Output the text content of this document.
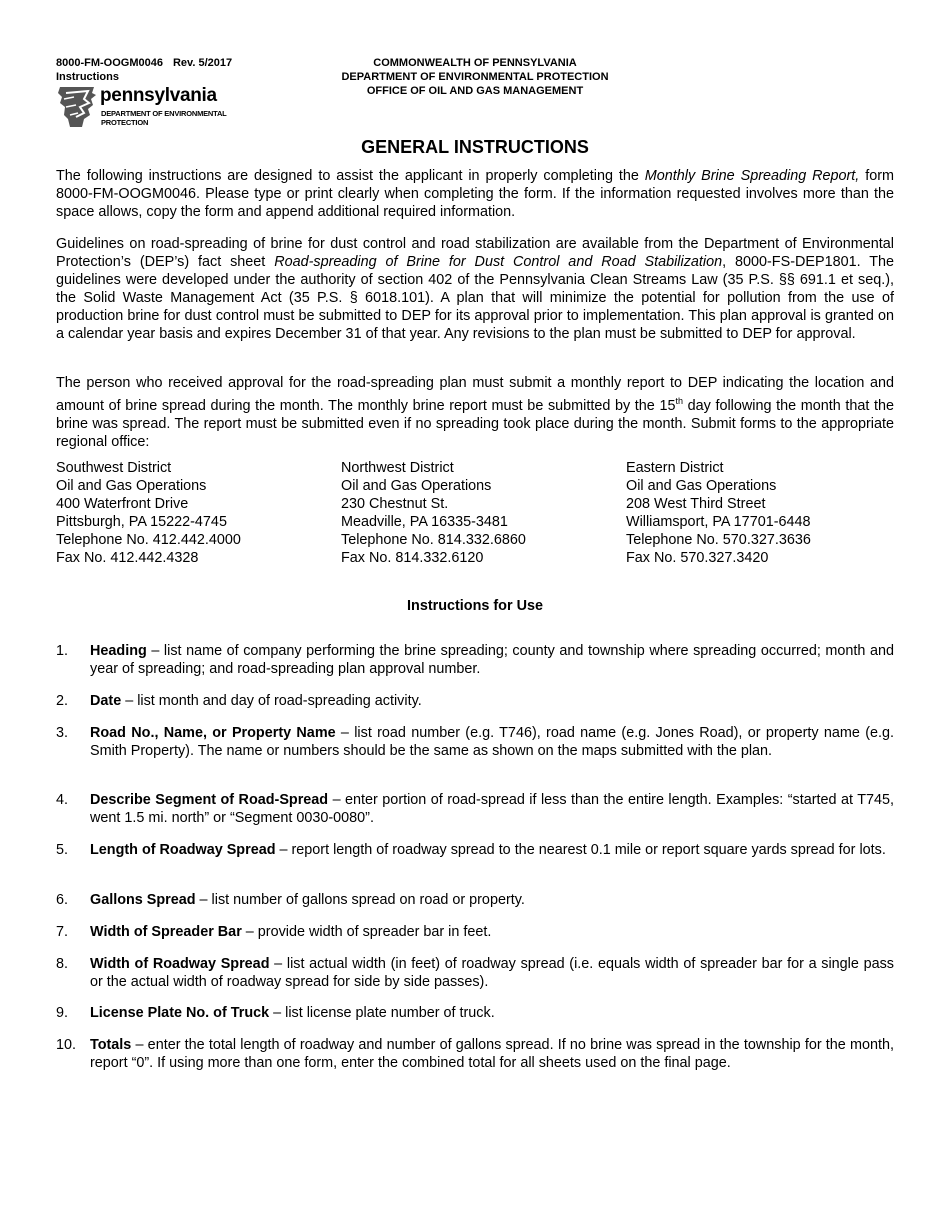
8000-FM-OOGM0046 Rev. 5/2017
Instructions
COMMONWEALTH OF PENNSYLVANIA
DEPARTMENT OF ENVIRONMENTAL PROTECTION
OFFICE OF OIL AND GAS MANAGEMENT
pennsylvania
DEPARTMENT OF ENVIRONMENTAL
PROTECTION
GENERAL INSTRUCTIONS
The following instructions are designed to assist the applicant in properly completing the Monthly Brine Spreading Report, form 8000-FM-OOGM0046. Please type or print clearly when completing the form. If the information requested involves more than the space allows, copy the form and append additional required information.
Guidelines on road-spreading of brine for dust control and road stabilization are available from the Department of Environmental Protection’s (DEP’s) fact sheet Road-spreading of Brine for Dust Control and Road Stabilization, 8000-FS-DEP1801. The guidelines were developed under the authority of section 402 of the Pennsylvania Clean Streams Law (35 P.S. §§ 691.1 et seq.), the Solid Waste Management Act (35 P.S. § 6018.101). A plan that will minimize the potential for pollution from the use of production brine for dust control must be submitted to DEP for its approval prior to implementation. This plan approval is granted on a calendar year basis and expires December 31 of that year. Any revisions to the plan must be submitted to DEP for approval.
The person who received approval for the road-spreading plan must submit a monthly report to DEP indicating the location and amount of brine spread during the month. The monthly brine report must be submitted by the 15th day following the month that the brine was spread. The report must be submitted even if no spreading took place during the month. Submit forms to the appropriate regional office:
Southwest District
Oil and Gas Operations
400 Waterfront Drive
Pittsburgh, PA 15222-4745
Telephone No. 412.442.4000
Fax No. 412.442.4328
Northwest District
Oil and Gas Operations
230 Chestnut St.
Meadville, PA 16335-3481
Telephone No. 814.332.6860
Fax No. 814.332.6120
Eastern District
Oil and Gas Operations
208 West Third Street
Williamsport, PA 17701-6448
Telephone No. 570.327.3636
Fax No. 570.327.3420
Instructions for Use
1.	Heading – list name of company performing the brine spreading; county and township where spreading occurred; month and year of spreading; and road-spreading plan approval number.
2.	Date – list month and day of road-spreading activity.
3.	Road No., Name, or Property Name – list road number (e.g. T746), road name (e.g. Jones Road), or property name (e.g. Smith Property). The name or numbers should be the same as shown on the maps submitted with the plan.
4.	Describe Segment of Road-Spread – enter portion of road-spread if less than the entire length. Examples: “started at T745, went 1.5 mi. north” or “Segment 0030-0080”.
5.	Length of Roadway Spread – report length of roadway spread to the nearest 0.1 mile or report square yards spread for lots.
6.	Gallons Spread – list number of gallons spread on road or property.
7.	Width of Spreader Bar – provide width of spreader bar in feet.
8.	Width of Roadway Spread – list actual width (in feet) of roadway spread (i.e. equals width of spreader bar for a single pass or the actual width of roadway spread for side by side passes).
9.	License Plate No. of Truck – list license plate number of truck.
10. Totals – enter the total length of roadway and number of gallons spread. If no brine was spread in the township for the month, report “0”. If using more than one form, enter the combined total for all sheets used on the final page.
